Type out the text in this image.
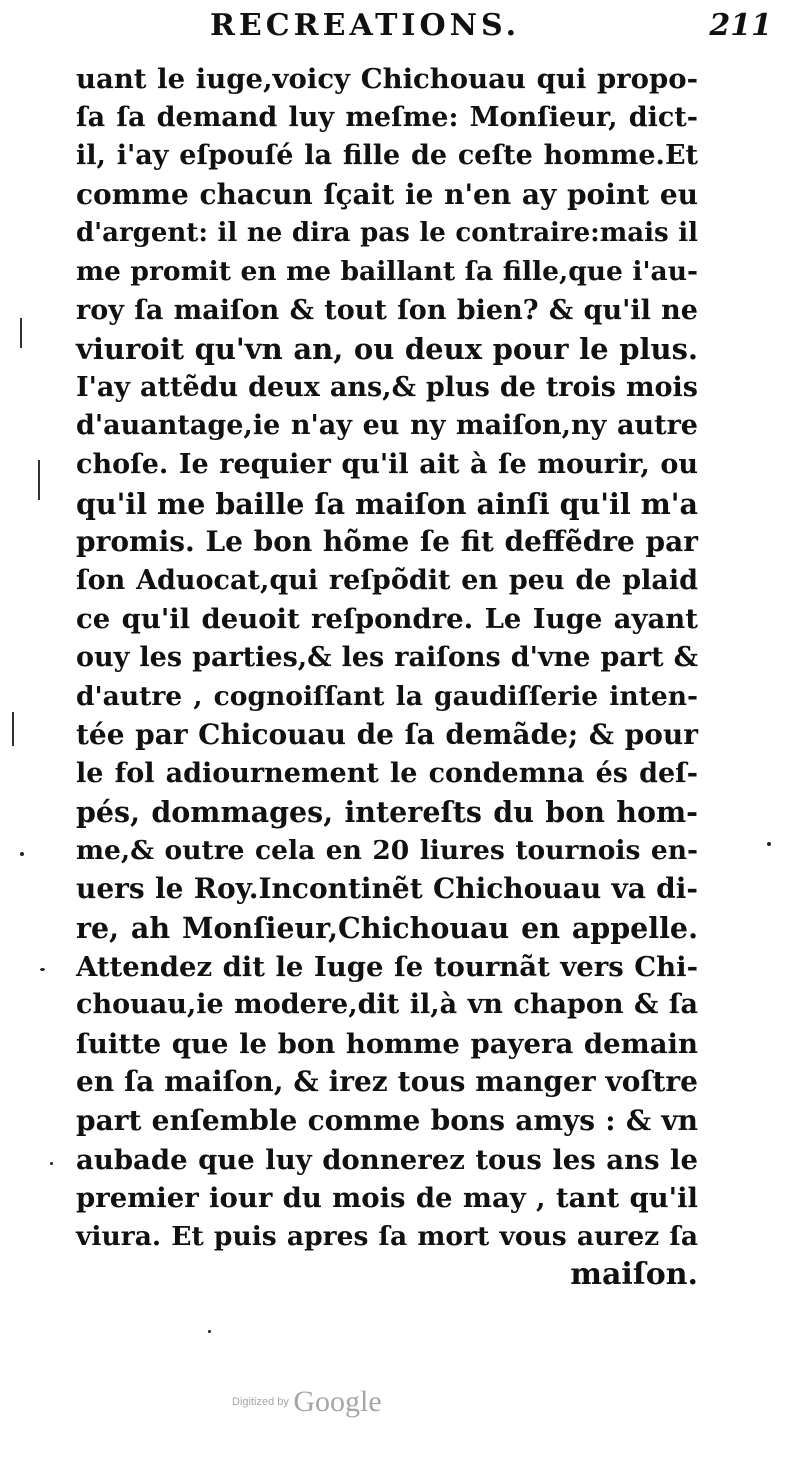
RECREATIONS.	211
uant le iuge,voicy Chichouau qui propo-
ſa ſa demand luy meſme: Monſieur, dict-
il, i'ay eſpouſé la fille de ceſte homme.Et
comme chacun ſçait ie n'en ay point eu
d'argent: il ne dira pas le contraire:mais il
me promit en me baillant ſa fille,que i'au-
roy ſa maiſon & tout ſon bien? & qu'il ne
viuroit qu'vn an, ou deux pour le plus.
I'ay attẽdu deux ans,& plus de trois mois
d'auantage,ie n'ay eu ny maiſon,ny autre
choſe. Ie requier qu'il ait à ſe mourir, ou
qu'il me baille ſa maiſon ainſi qu'il m'a
promis. Le bon hõme ſe fit deffẽdre par
ſon Aduocat,qui reſpõdit en peu de plaid
ce qu'il deuoit reſpondre. Le Iuge ayant
ouy les parties,& les raiſons d'vne part &
d'autre , cognoiſſant la gaudiſſerie inten-
tée par Chicouau de ſa demãde; & pour
le fol adiournement le condemna és deſ-
pés, dommages, intereſts du bon hom-
me,& outre cela en 20 liures tournois en-
uers le Roy.Incontinẽt Chichouau va di-
re, ah Monſieur,Chichouau en appelle.
Attendez dit le Iuge ſe tournãt vers Chi-
chouau,ie modere,dit il,à vn chapon & ſa
ſuitte que le bon homme payera demain
en ſa maiſon, & irez tous manger voſtre
part enſemble comme bons amys : & vn
aubade que luy donnerez tous les ans le
premier iour du mois de may , tant qu'il
viura. Et puis apres ſa mort vous aurez ſa
maiſon.
Digitized by Google
